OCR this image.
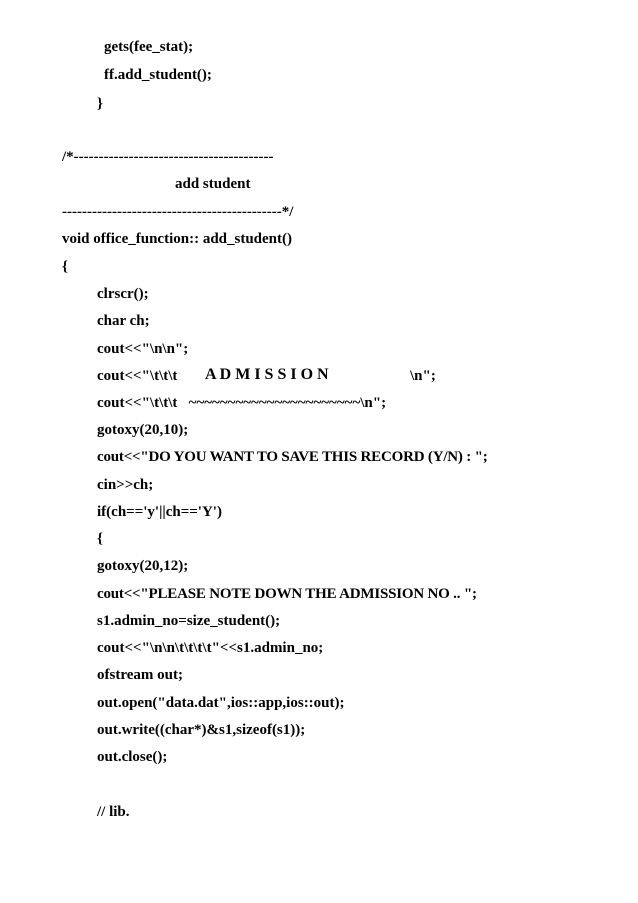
gets(fee_stat);
ff.add_student();
}
/*----------------------------------------
add student
--------------------------------------------*/
void office_function:: add_student()
{
clrscr();
char ch;
cout<<"\n\n";
cout<<"\t\t\t A D M I S S I O N	\n";
cout<<"\t\t\t   ~~~~~~~~~~~~~~~~~~~~~~\n";
gotoxy(20,10);
cout<<"DO YOU WANT TO SAVE THIS RECORD (Y/N) : ";
cin>>ch;
if(ch=='y'||ch=='Y')
{
gotoxy(20,12);
cout<<"PLEASE NOTE DOWN THE ADMISSION NO .. ";
s1.admin_no=size_student();
cout<<"\n\n\t\t\t\t"<<s1.admin_no;
ofstream out;
out.open("data.dat",ios::app,ios::out);
out.write((char*)&s1,sizeof(s1));
out.close();
// lib.
